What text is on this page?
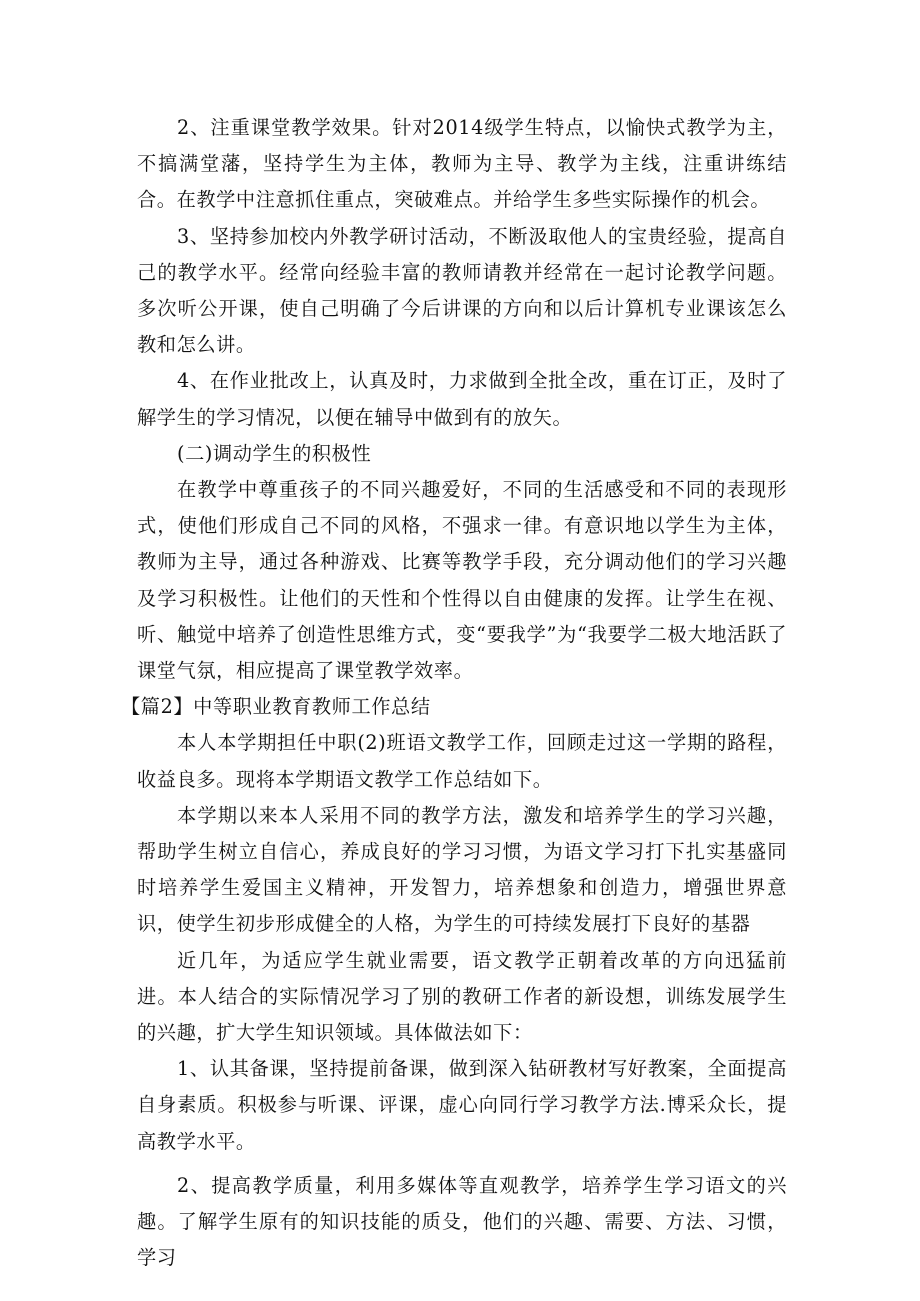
2、注重课堂教学效果。针对2014级学生特点，以愉快式教学为主，不搞满堂藩，坚持学生为主体，教师为主导、教学为主线，注重讲练结合。在教学中注意抓住重点，突破难点。并给学生多些实际操作的机会。

3、坚持参加校内外教学研讨活动，不断汲取他人的宝贵经验，提高自己的教学水平。经常向经验丰富的教师请教并经常在一起讨论教学问题。多次听公开课，使自己明确了今后讲课的方向和以后计算机专业课该怎么教和怎么讲。

4、在作业批改上，认真及时，力求做到全批全改，重在订正，及时了解学生的学习情况，以便在辅导中做到有的放矢。

(二)调动学生的积极性

在教学中尊重孩子的不同兴趣爱好，不同的生活感受和不同的表现形式，使他们形成自己不同的风格，不强求一律。有意识地以学生为主体，教师为主导，通过各种游戏、比赛等教学手段，充分调动他们的学习兴趣及学习积极性。让他们的天性和个性得以自由健康的发挥。让学生在视、听、触觉中培养了创造性思维方式，变“要我学”为“我要学二极大地活跃了课堂气氛，相应提高了课堂教学效率。

【篇2】中等职业教育教师工作总结

本人本学期担任中职(2)班语文教学工作，回顾走过这一学期的路程，收益良多。现将本学期语文教学工作总结如下。

本学期以来本人采用不同的教学方法，激发和培养学生的学习兴趣，帮助学生树立自信心，养成良好的学习习惯，为语文学习打下扎实基盛同时培养学生爱国主义精神，开发智力，培养想象和创造力，增强世界意识，使学生初步形成健全的人格，为学生的可持续发展打下良好的基器

近几年，为适应学生就业需要，语文教学正朝着改革的方向迅猛前进。本人结合的实际情况学习了别的教研工作者的新设想，训练发展学生的兴趣，扩大学生知识领域。具体做法如下：

1、认其备课，坚持提前备课，做到深入钻研教材写好教案，全面提高自身素质。积极参与听课、评课，虚心向同行学习教学方法.博采众长，提高教学水平。

2、提高教学质量，利用多媒体等直观教学，培养学生学习语文的兴趣。了解学生原有的知识技能的质殳，他们的兴趣、需要、方法、习惯，学习
